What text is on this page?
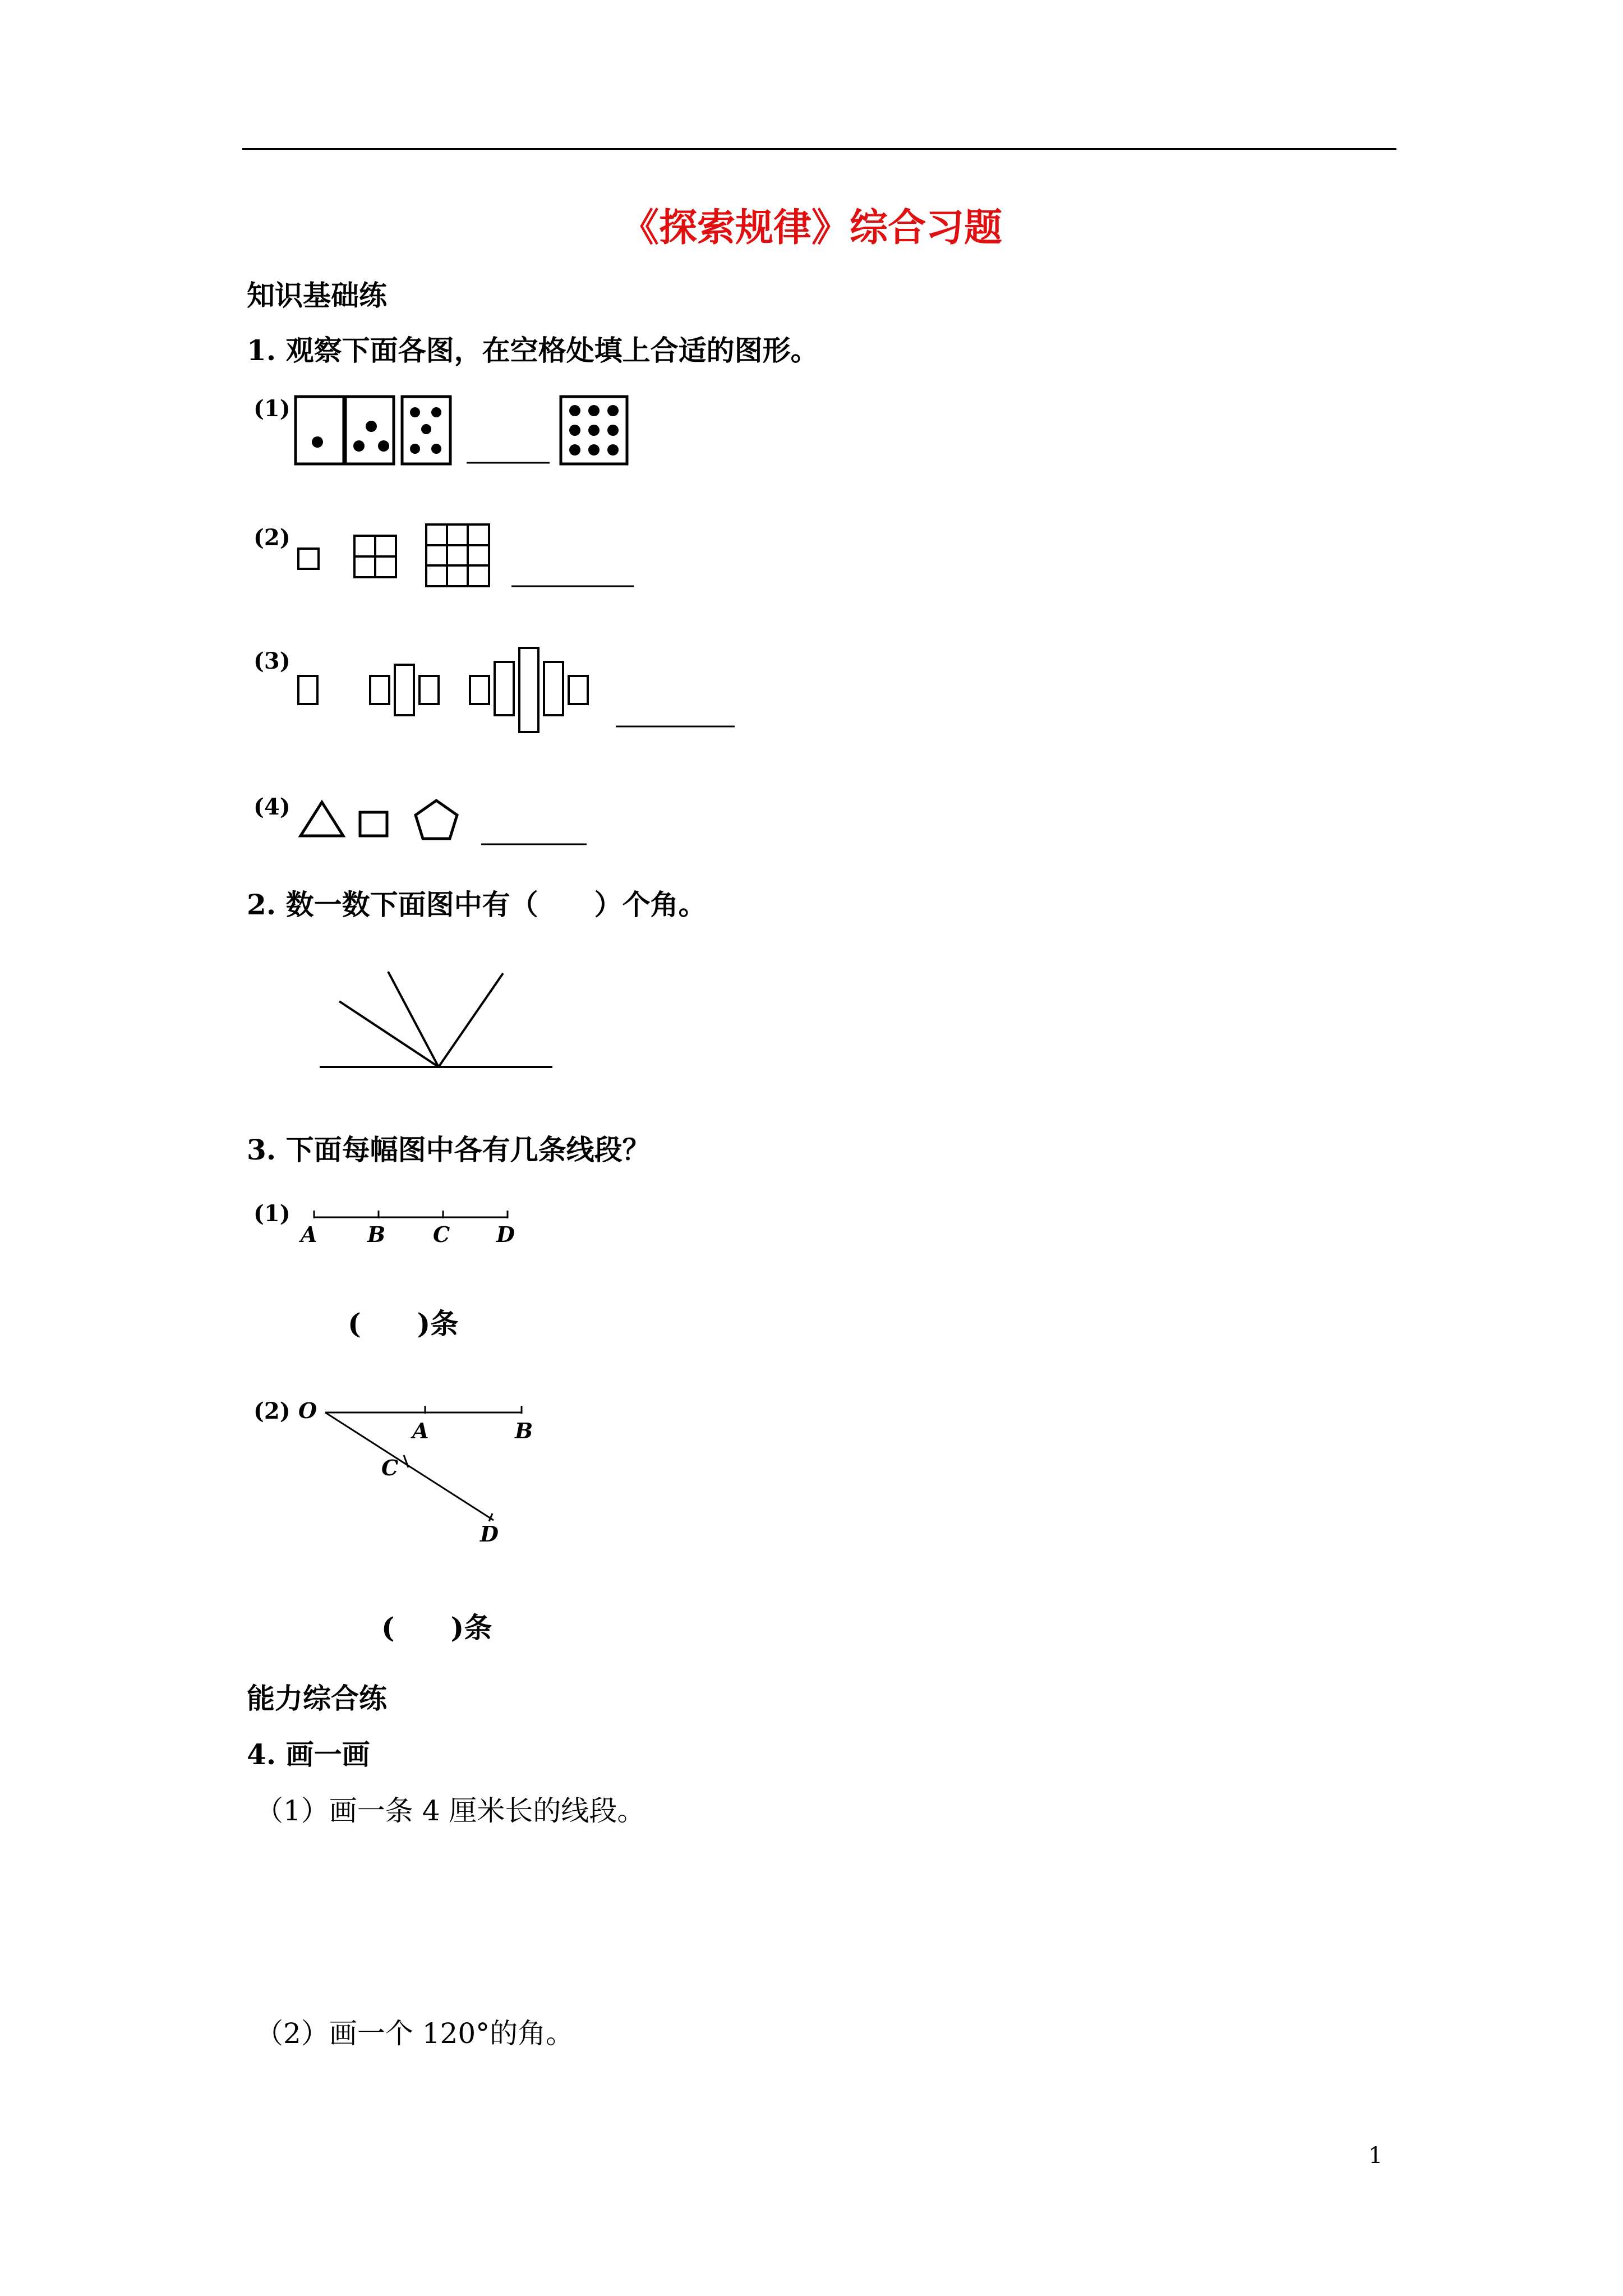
《探索规律》综合习题
知识基础练
1. 观察下面各图，在空格处填上合适的图形。
(1)
(2)
(3)
(4)
2. 数一数下面图中有（　　）个角。
3. 下面每幅图中各有几条线段？
(1)
A B C D
(　　)条
(2) O
A	B
C
D
(　　)条
能力综合练
4. 画一画
（1）画一条 4 厘米长的线段。
（2）画一个 120°的角。
1
